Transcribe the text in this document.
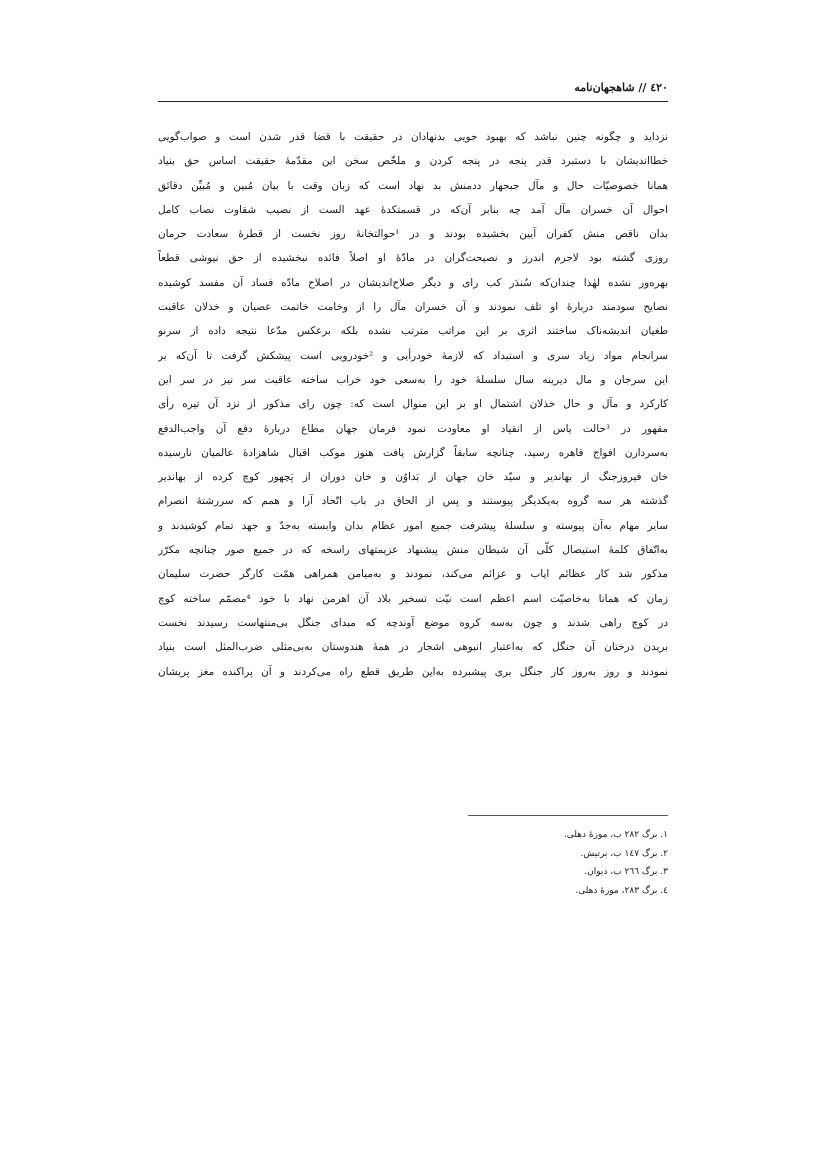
٤٢٠ // شاهجهان‌نامه
نزداید و چگونه چنین نباشد که بهبود جویی بدنهادان در حقیقت با قضا قدر شدن است و صواب‌گویی
خطااندیشان با دستبرد قدر پنجه در پنجه کردن و ملخّص سخن این مقدّمهٔ حقیقت اساس حق بنیاد
همانا خصوصیّات حال و مآل جبجهار ددمنش بد نهاد است که زبان وقت با بیان مُبین و مُبیِّن دقائق
احوال آن خسران مآل آمد چه بنابر آن‌که در قسمتکدهٔ عهد الست از نصیب شقاوت نصاب کامل
بدان ناقص منش کفران آیین بخشیده بودند و در ¹حوالتخانهٔ روز نخست از قطرهٔ سعادت حرمان
روزی گشته بود لاجرم اندرز و نصیحت‌گران در مادّهٔ او اصلاً فائده نبخشیده از حق نیوشی قطعاً
بهره‌ور نشده لهٰذا چندان‌که سُندَر کب رای و دیگر صلاح‌اندیشان در اصلاح مادّه فساد آن مفسد کوشیده
نصایح سودمند دربارهٔ او تلف نمودند و آن خسران مآل را از وخامت خاتمت عصیان و خذلان عاقبت
طغیان اندیشه‌ناک ساختند اثری بر این مراتب مترتب نشده بلکه برعکس مدّعا نتیجه داده از سرنو
سرانجام مواد زیاد سری و استبداد که لازمهٔ خودرأیی و ²خودرویی است پیشکش گرفت تا آن‌که بر
این سرجان و مال دیرینه سال سلسلهٔ خود را به‌سعی خود خراب ساخته عاقبت سر نیز در سر این
کارکرد و مآل و حال خذلان اشتمال او بر این منوال است که: چون رای مذکور از نزد آن تیره رأی
مقهور در ³حالت یاس از انقیاد او معاودت نمود فرمان جهان مطاع دربارهٔ دفع آن واجب‌الدفع
به‌سردارن افواج قاهره رسید، چنانچه سابقاً گزارش یافت هنوز موکب اقبال شاهزادهٔ عالمیان نارسیده
خان فیروزجنگ از بهاندیر و سیّد خان جهان از بَداوُن و خان دوران از پَچهور کوچ کرده از بهاندیر
گذشته هر سه گروه به‌یکدیگر پیوستند و پس از الحاق در باب اتّحاد آرا و همم که سررشتهٔ انصرام
سایر مهام به‌آن پیوسته و سلسلهٔ پیشرفت جمیع امور عظام بدان وابسته به‌جدّ و جهد تمام کوشیدند و
به‌اتّفاق کلمهٔ استیصال کلّی آن شیطان منش پیشنهاد عزیمتهای راسخه که در جمیع صور چنانچه مکرّر
مذکور شد کار عظائم ایاب و عزائم می‌کند، نمودند و به‌میامن همراهی همّت کارگر حضرت سلیمان
زمان که همانا به‌خاصیّت اسم اعظم است نیّت تسخیر بلاد آن اهرمن نهاد با خود ⁴مصمّم ساخته کوچ
در کوچ راهی شدند و چون به‌سه کروه موضع آوندچه که مبدای جنگل بی‌منتهاست رسیدند نخست
بریدن درختان آن جنگل که به‌اعتبار انبوهی اشجار در همهٔ هندوستان به‌بی‌مثلی ضرب‌المثل است بنیاد
نمودند و روز به‌روز کار جنگل بری پیشبرده به‌این طریق قطع راه می‌کردند و آن پراکنده مغز پریشان
١. برگ ٢٨٢ ب، موزهٔ دهلی.
٢. برگ ١٤٧ ب، برتیش.
٣. برگ ٢٦٦ ب، دیوان.
٤. برگ ٢٨٣، موزهٔ دهلی.
